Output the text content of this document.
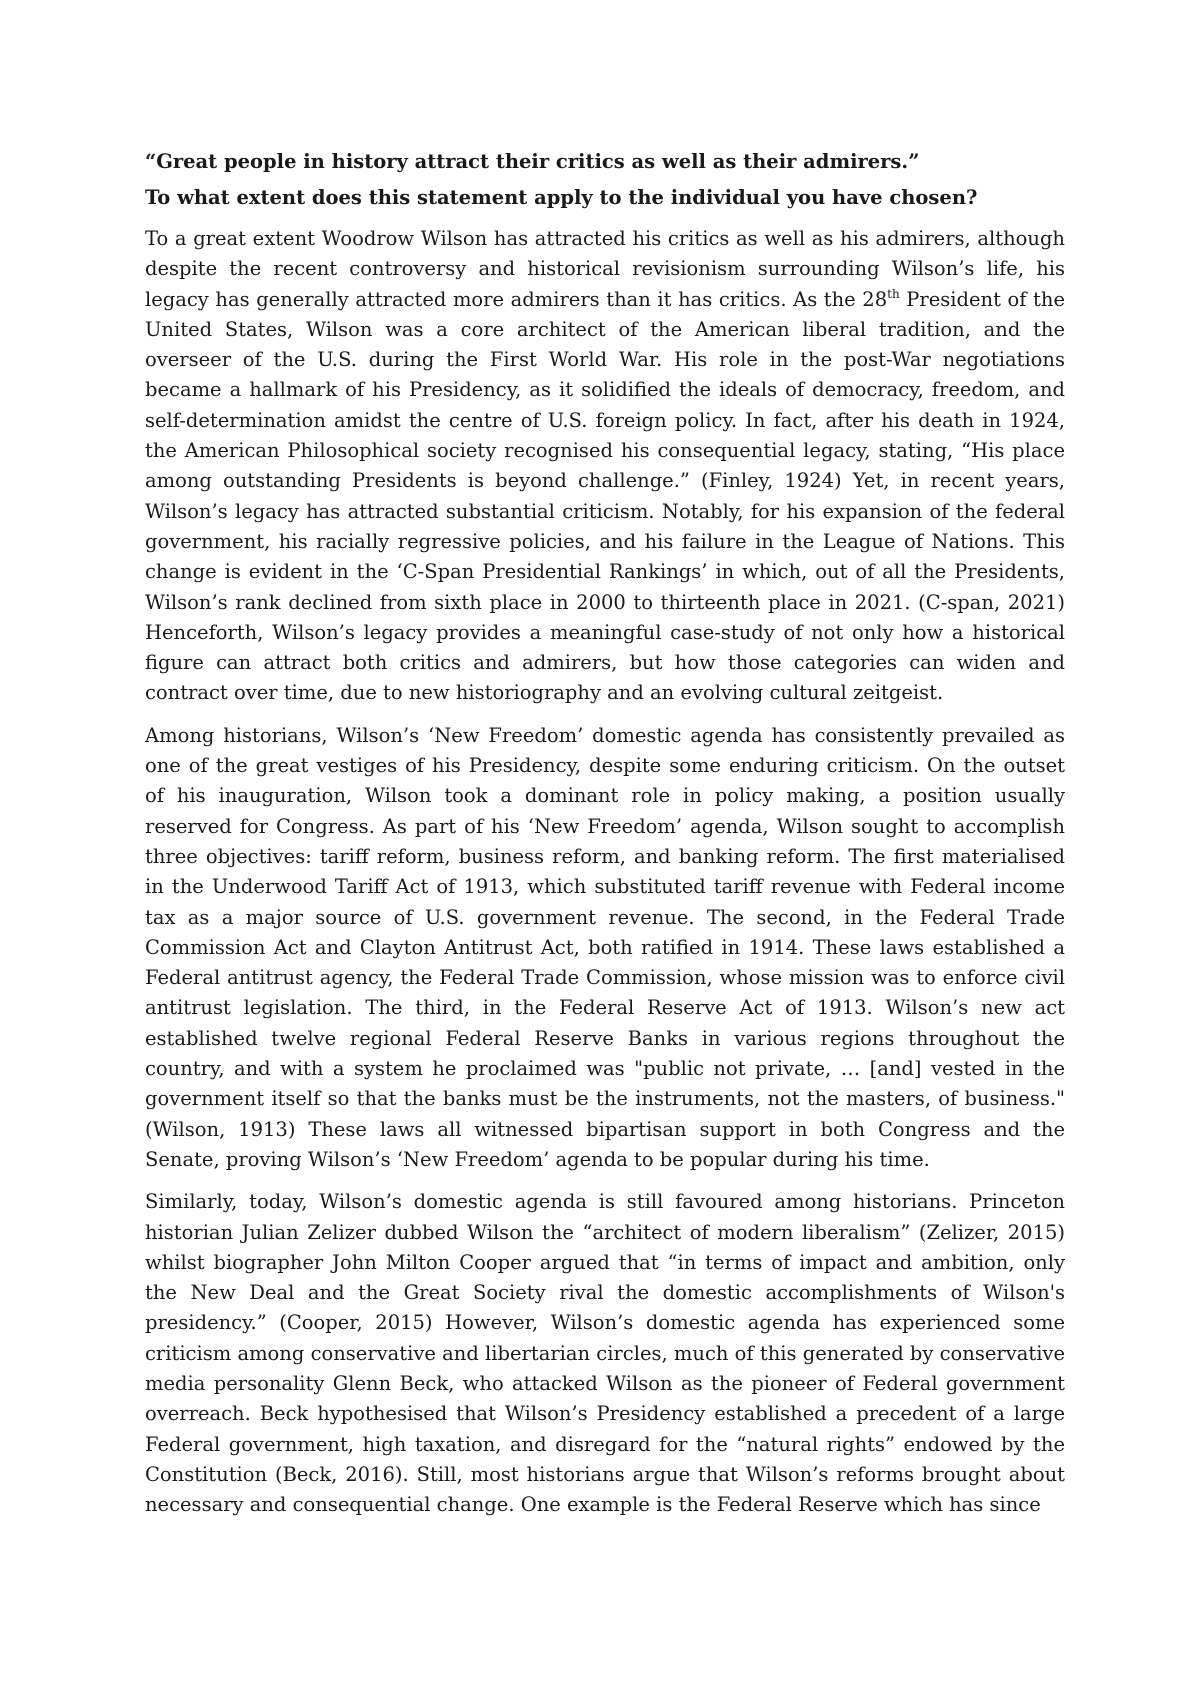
“Great people in history attract their critics as well as their admirers.”

To what extent does this statement apply to the individual you have chosen?

To a great extent Woodrow Wilson has attracted his critics as well as his admirers, although despite the recent controversy and historical revisionism surrounding Wilson’s life, his legacy has generally attracted more admirers than it has critics. As the 28th President of the United States, Wilson was a core architect of the American liberal tradition, and the overseer of the U.S. during the First World War. His role in the post-War negotiations became a hallmark of his Presidency, as it solidified the ideals of democracy, freedom, and self-determination amidst the centre of U.S. foreign policy. In fact, after his death in 1924, the American Philosophical society recognised his consequential legacy, stating, “His place among outstanding Presidents is beyond challenge.” (Finley, 1924) Yet, in recent years, Wilson’s legacy has attracted substantial criticism. Notably, for his expansion of the federal government, his racially regressive policies, and his failure in the League of Nations. This change is evident in the ‘C-Span Presidential Rankings’ in which, out of all the Presidents, Wilson’s rank declined from sixth place in 2000 to thirteenth place in 2021. (C-span, 2021) Henceforth, Wilson’s legacy provides a meaningful case-study of not only how a historical figure can attract both critics and admirers, but how those categories can widen and contract over time, due to new historiography and an evolving cultural zeitgeist.

Among historians, Wilson’s ‘New Freedom’ domestic agenda has consistently prevailed as one of the great vestiges of his Presidency, despite some enduring criticism. On the outset of his inauguration, Wilson took a dominant role in policy making, a position usually reserved for Congress. As part of his ‘New Freedom’ agenda, Wilson sought to accomplish three objectives: tariff reform, business reform, and banking reform. The first materialised in the Underwood Tariff Act of 1913, which substituted tariff revenue with Federal income tax as a major source of U.S. government revenue. The second, in the Federal Trade Commission Act and Clayton Antitrust Act, both ratified in 1914. These laws established a Federal antitrust agency, the Federal Trade Commission, whose mission was to enforce civil antitrust legislation. The third, in the Federal Reserve Act of 1913. Wilson’s new act established twelve regional Federal Reserve Banks in various regions throughout the country, and with a system he proclaimed was "public not private, … [and] vested in the government itself so that the banks must be the instruments, not the masters, of business." (Wilson, 1913) These laws all witnessed bipartisan support in both Congress and the Senate, proving Wilson’s ‘New Freedom’ agenda to be popular during his time.

Similarly, today, Wilson’s domestic agenda is still favoured among historians. Princeton historian Julian Zelizer dubbed Wilson the “architect of modern liberalism” (Zelizer, 2015) whilst biographer John Milton Cooper argued that “in terms of impact and ambition, only the New Deal and the Great Society rival the domestic accomplishments of Wilson's presidency.” (Cooper, 2015) However, Wilson’s domestic agenda has experienced some criticism among conservative and libertarian circles, much of this generated by conservative media personality Glenn Beck, who attacked Wilson as the pioneer of Federal government overreach. Beck hypothesised that Wilson’s Presidency established a precedent of a large Federal government, high taxation, and disregard for the “natural rights” endowed by the Constitution (Beck, 2016). Still, most historians argue that Wilson’s reforms brought about necessary and consequential change. One example is the Federal Reserve which has since
